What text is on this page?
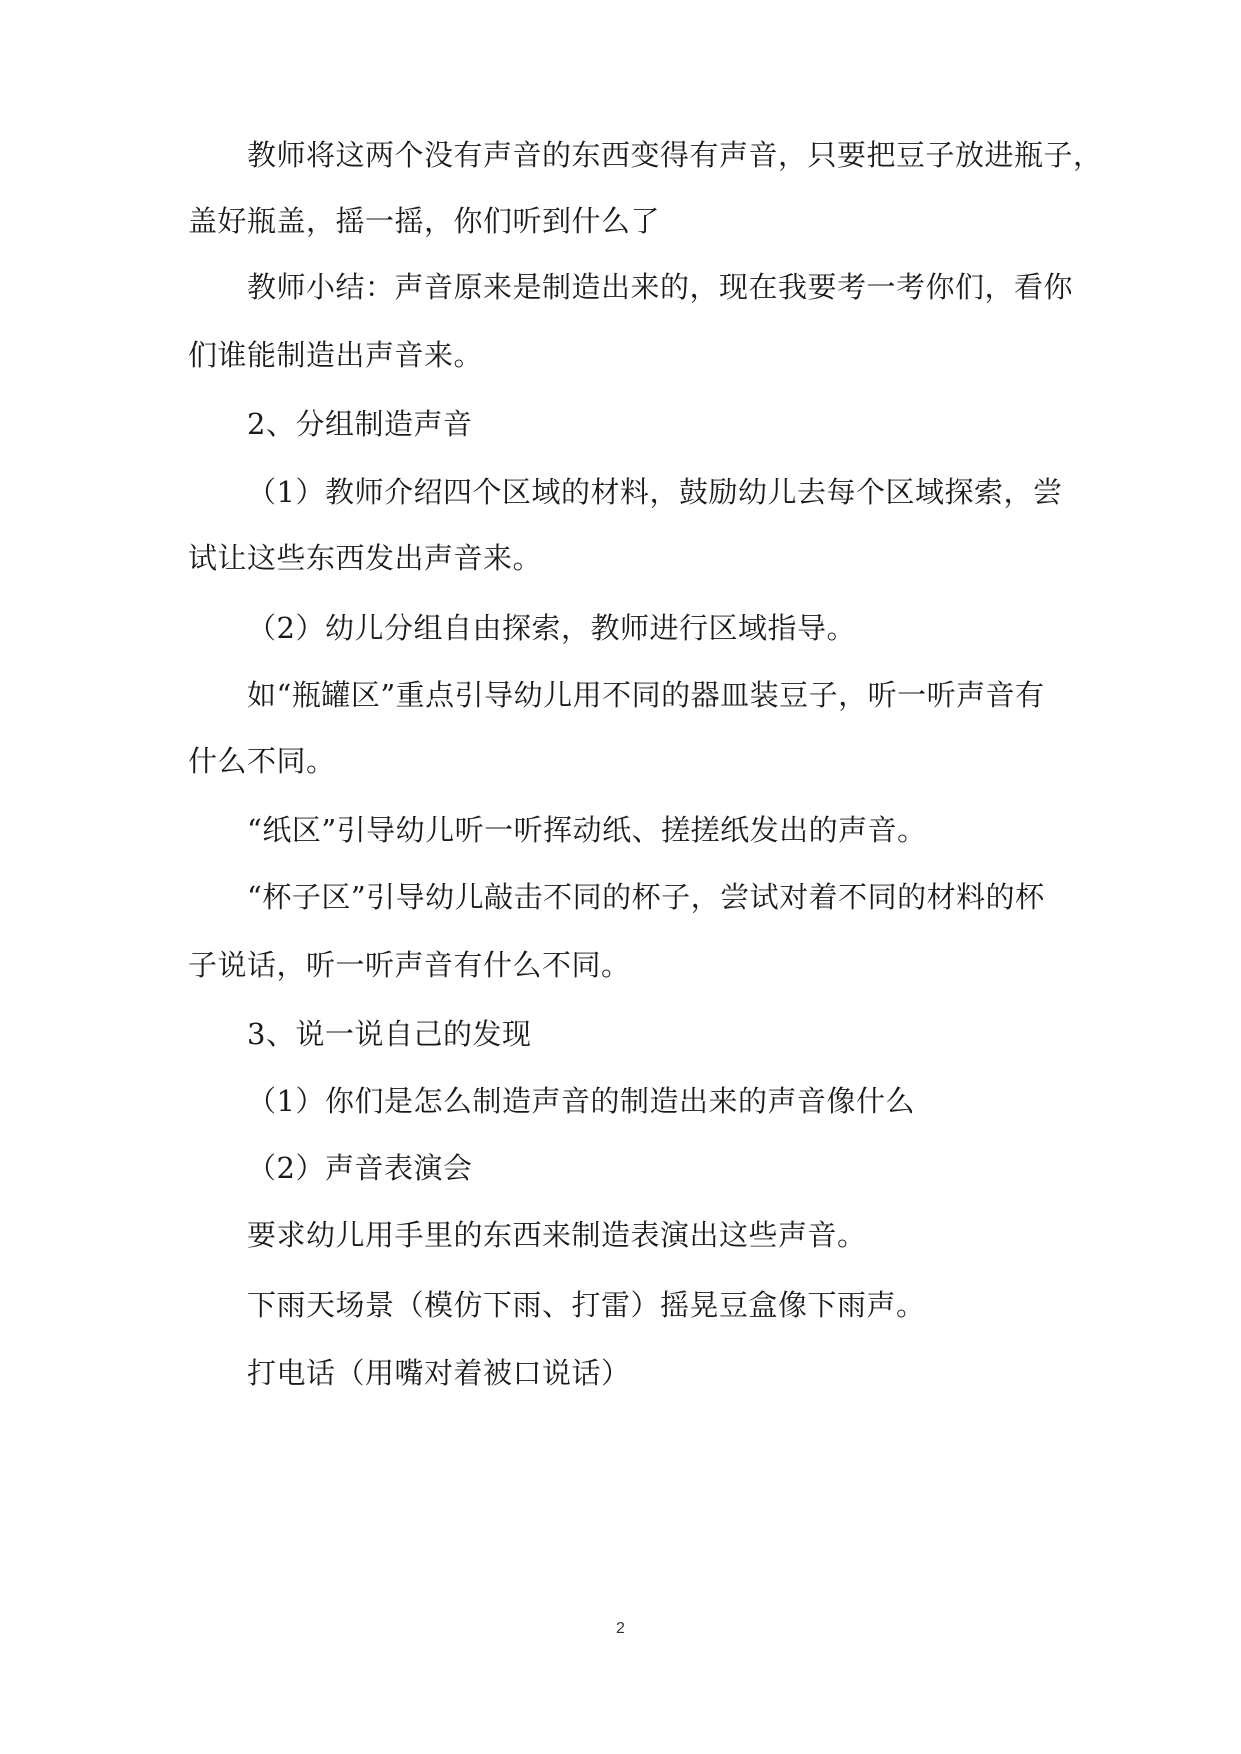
教师将这两个没有声音的东西变得有声音，只要把豆子放进瓶子，
盖好瓶盖，摇一摇，你们听到什么了
教师小结：声音原来是制造出来的，现在我要考一考你们，看你
们谁能制造出声音来。
2、分组制造声音
（1）教师介绍四个区域的材料，鼓励幼儿去每个区域探索，尝
试让这些东西发出声音来。
（2）幼儿分组自由探索，教师进行区域指导。
如“瓶罐区”重点引导幼儿用不同的器皿装豆子，听一听声音有
什么不同。
“纸区”引导幼儿听一听挥动纸、搓搓纸发出的声音。
“杯子区”引导幼儿敲击不同的杯子，尝试对着不同的材料的杯
子说话，听一听声音有什么不同。
3、说一说自己的发现
（1）你们是怎么制造声音的制造出来的声音像什么
（2）声音表演会
要求幼儿用手里的东西来制造表演出这些声音。
下雨天场景（模仿下雨、打雷）摇晃豆盒像下雨声。
打电话（用嘴对着被口说话）
2
